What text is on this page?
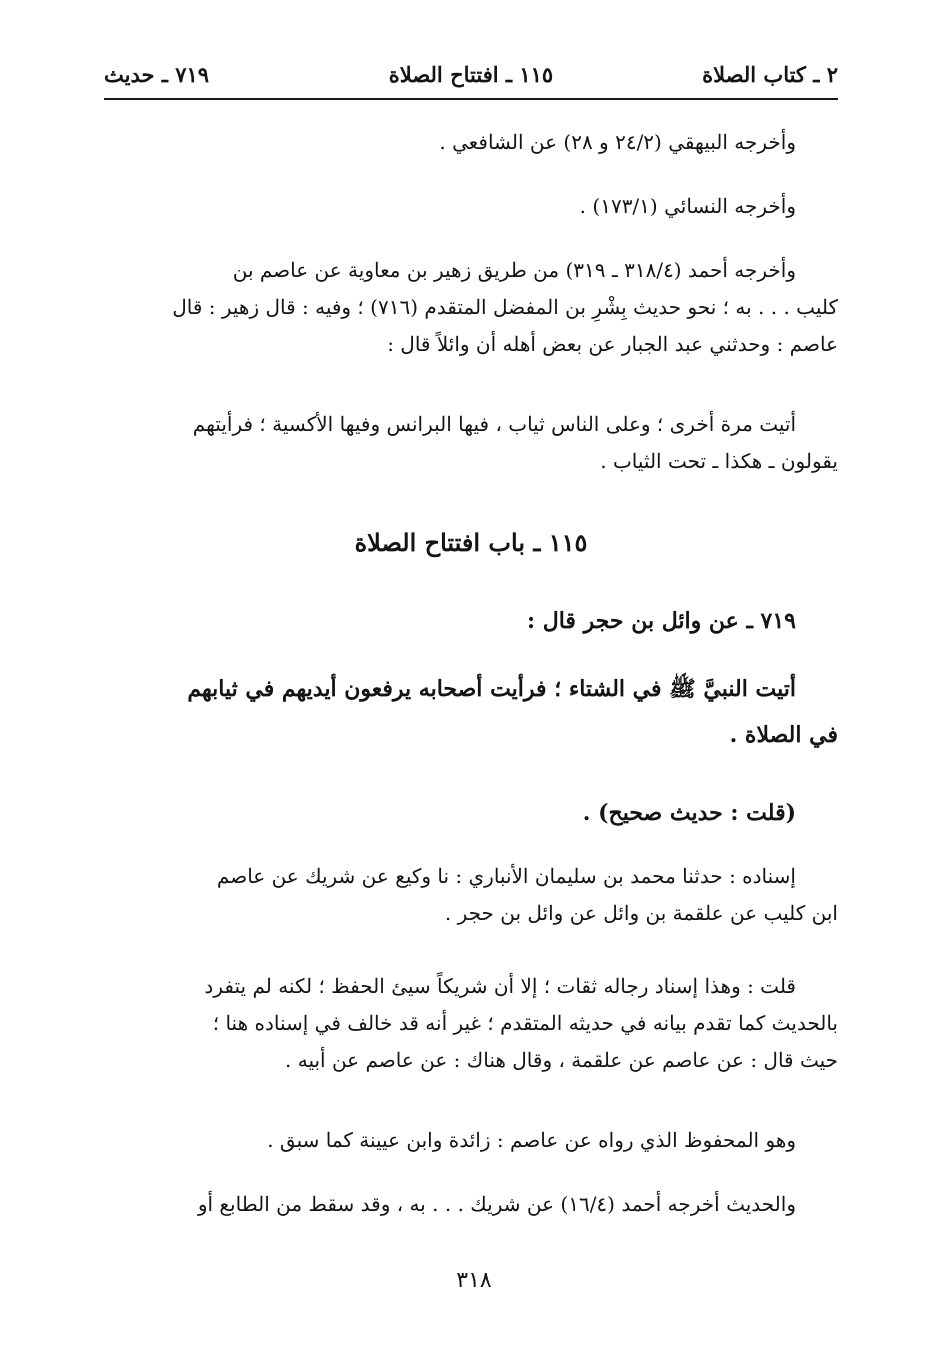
٢ ـ كتاب الصلاة
١١٥ ـ افتتاح الصلاة
٧١٩ ـ حديث

وأخرجه البيهقي (٢٤/٢ و ٢٨) عن الشافعي .

وأخرجه النسائي (١٧٣/١) .

وأخرجه أحمد (٣١٨/٤ ـ ٣١٩) من طريق زهير بن معاوية عن عاصم بن
كليب . . . به ؛ نحو حديث بِشْرِ بن المفضل المتقدم (٧١٦) ؛ وفيه : قال زهير : قال
عاصم : وحدثني عبد الجبار عن بعض أهله أن وائلاً قال :

أتيت مرة أخرى ؛ وعلى الناس ثياب ، فيها البرانس وفيها الأكسية ؛ فرأيتهم
يقولون ـ هكذا ـ تحت الثياب .

١١٥ ـ باب افتتاح الصلاة

٧١٩ ـ عن وائل بن حجر قال :

أتيت النبيَّ ﷺ في الشتاء ؛ فرأيت أصحابه يرفعون أيديهم في ثيابهم
في الصلاة .

(قلت : حديث صحيح) .

إسناده : حدثنا محمد بن سليمان الأنباري : نا وكيع عن شريك عن عاصم
ابن كليب عن علقمة بن وائل عن وائل بن حجر .

قلت : وهذا إسناد رجاله ثقات ؛ إلا أن شريكاً سيئ الحفظ ؛ لكنه لم يتفرد
بالحديث كما تقدم بيانه في حديثه المتقدم ؛ غير أنه قد خالف في إسناده هنا ؛
حيث قال : عن عاصم عن علقمة ، وقال هناك : عن عاصم عن أبيه .

وهو المحفوظ الذي رواه عن عاصم : زائدة وابن عيينة كما سبق .

والحديث أخرجه أحمد (١٦/٤) عن شريك . . . به ، وقد سقط من الطابع أو

٣١٨
